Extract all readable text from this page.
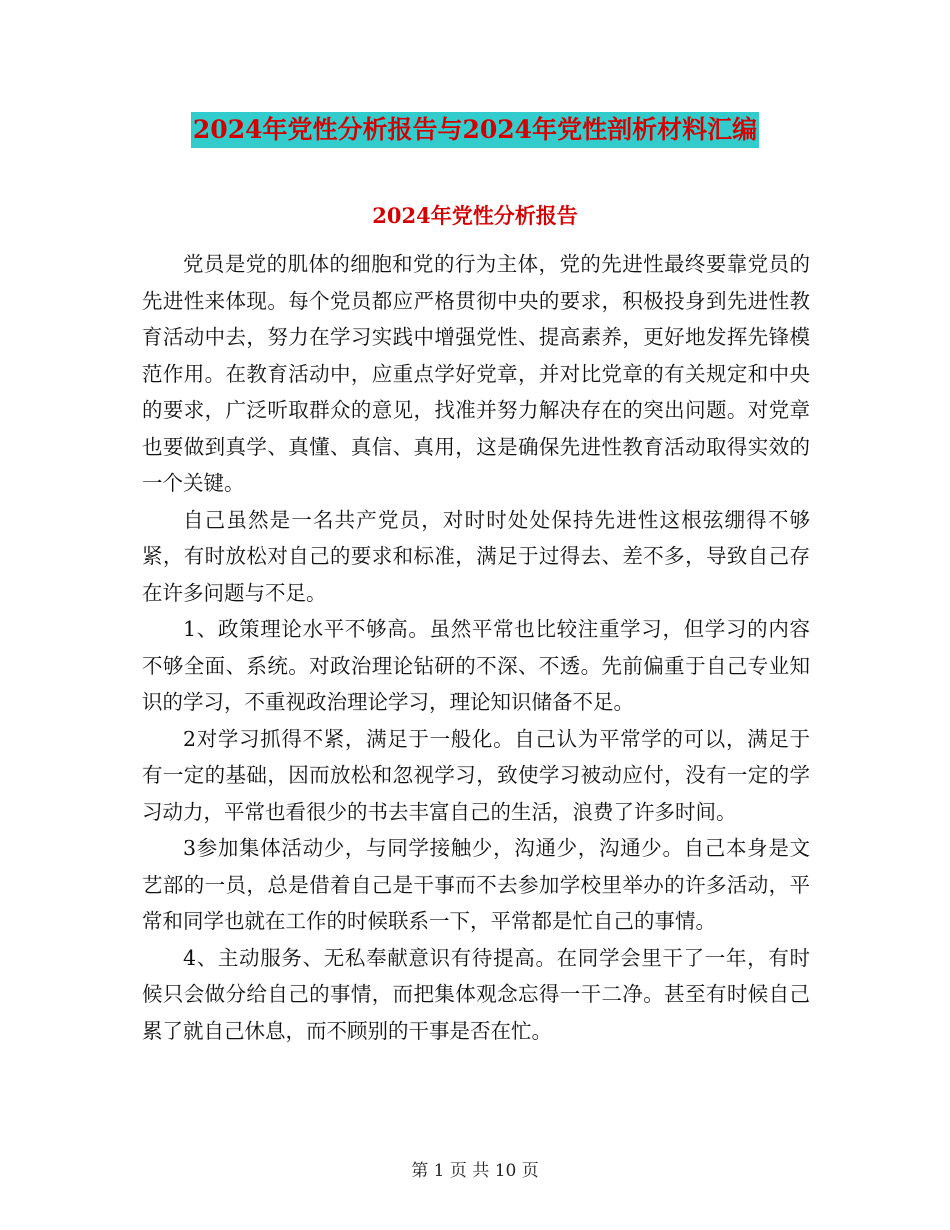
2024年党性分析报告与2024年党性剖析材料汇编
2024年党性分析报告

党员是党的肌体的细胞和党的行为主体，党的先进性最终要靠党员的先进性来体现。每个党员都应严格贯彻中央的要求，积极投身到先进性教育活动中去，努力在学习实践中增强党性、提高素养，更好地发挥先锋模范作用。在教育活动中，应重点学好党章，并对比党章的有关规定和中央的要求，广泛听取群众的意见，找准并努力解决存在的突出问题。对党章也要做到真学、真懂、真信、真用，这是确保先进性教育活动取得实效的一个关键。

自己虽然是一名共产党员，对时时处处保持先进性这根弦绷得不够紧，有时放松对自己的要求和标准，满足于过得去、差不多，导致自己存在许多问题与不足。

1、政策理论水平不够高。虽然平常也比较注重学习，但学习的内容不够全面、系统。对政治理论钻研的不深、不透。先前偏重于自己专业知识的学习，不重视政治理论学习，理论知识储备不足。

2对学习抓得不紧，满足于一般化。自己认为平常学的可以，满足于有一定的基础，因而放松和忽视学习，致使学习被动应付，没有一定的学习动力，平常也看很少的书去丰富自己的生活，浪费了许多时间。

3参加集体活动少，与同学接触少，沟通少，沟通少。自己本身是文艺部的一员，总是借着自己是干事而不去参加学校里举办的许多活动，平常和同学也就在工作的时候联系一下，平常都是忙自己的事情。

4、主动服务、无私奉献意识有待提高。在同学会里干了一年，有时候只会做分给自己的事情，而把集体观念忘得一干二净。甚至有时候自己累了就自己休息，而不顾别的干事是否在忙。

第 1 页 共 10 页
